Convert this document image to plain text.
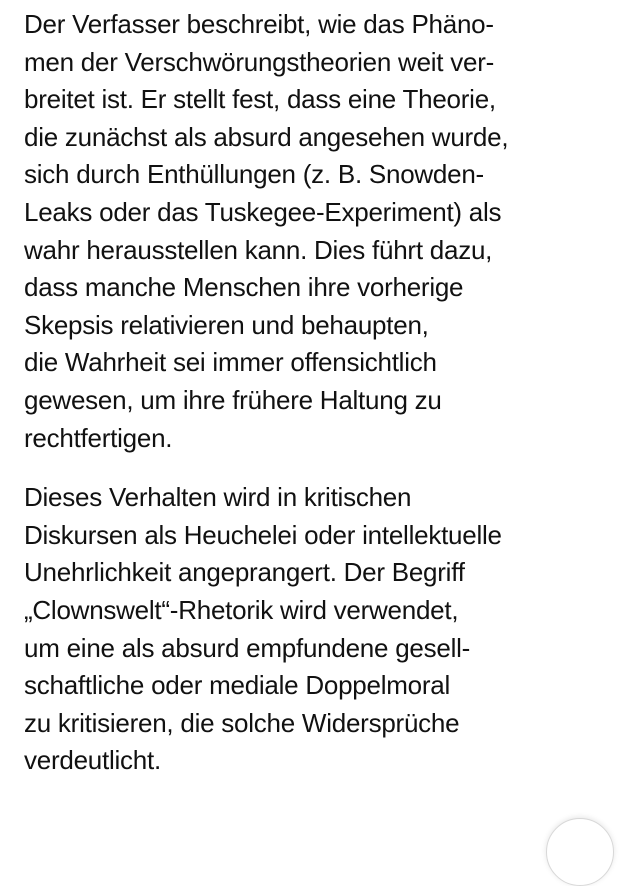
Der Verfasser beschreibt, wie das Phäno-
men der Verschwörungstheorien weit ver-
breitet ist. Er stellt fest, dass eine Theorie,
die zunächst als absurd angesehen wurde,
sich durch Enthüllungen (z. B. Snowden-
Leaks oder das Tuskegee-Experiment) als
wahr herausstellen kann. Dies führt dazu,
dass manche Menschen ihre vorherige
Skepsis relativieren und behaupten,
die Wahrheit sei immer offensichtlich
gewesen, um ihre frühere Haltung zu
rechtfertigen.

Dieses Verhalten wird in kritischen
Diskursen als Heuchelei oder intellektuelle
Unehrlichkeit angeprangert. Der Begriff
„Clownswelt“-Rhetorik wird verwendet,
um eine als absurd empfundene gesell-
schaftliche oder mediale Doppelmoral
zu kritisieren, die solche Widersprüche
verdeutlicht.
